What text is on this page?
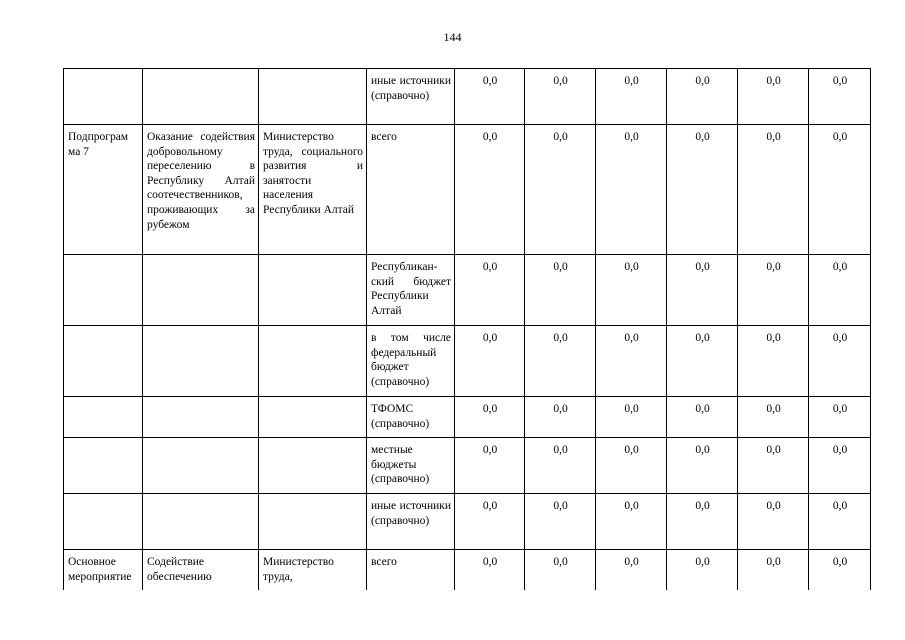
144
			иные источники (справочно)	0,0	0,0	0,0	0,0	0,0	0,0
Подпрограм ма 7	Оказание содействия добровольному переселению в Республику Алтай соотечественников, проживающих за рубежом	Министерство труда, социального развития и занятости населения Республики Алтай	всего	0,0	0,0	0,0	0,0	0,0	0,0
			Республикан-ский бюджет Республики Алтай	0,0	0,0	0,0	0,0	0,0	0,0
			в том числе федеральный бюджет (справочно)	0,0	0,0	0,0	0,0	0,0	0,0
			ТФОМС (справочно)	0,0	0,0	0,0	0,0	0,0	0,0
			местные бюджеты (справочно)	0,0	0,0	0,0	0,0	0,0	0,0
			иные источники (справочно)	0,0	0,0	0,0	0,0	0,0	0,0
Основное мероприятие	Содействие обеспечению	Министерство труда,	всего	0,0	0,0	0,0	0,0	0,0	0,0
